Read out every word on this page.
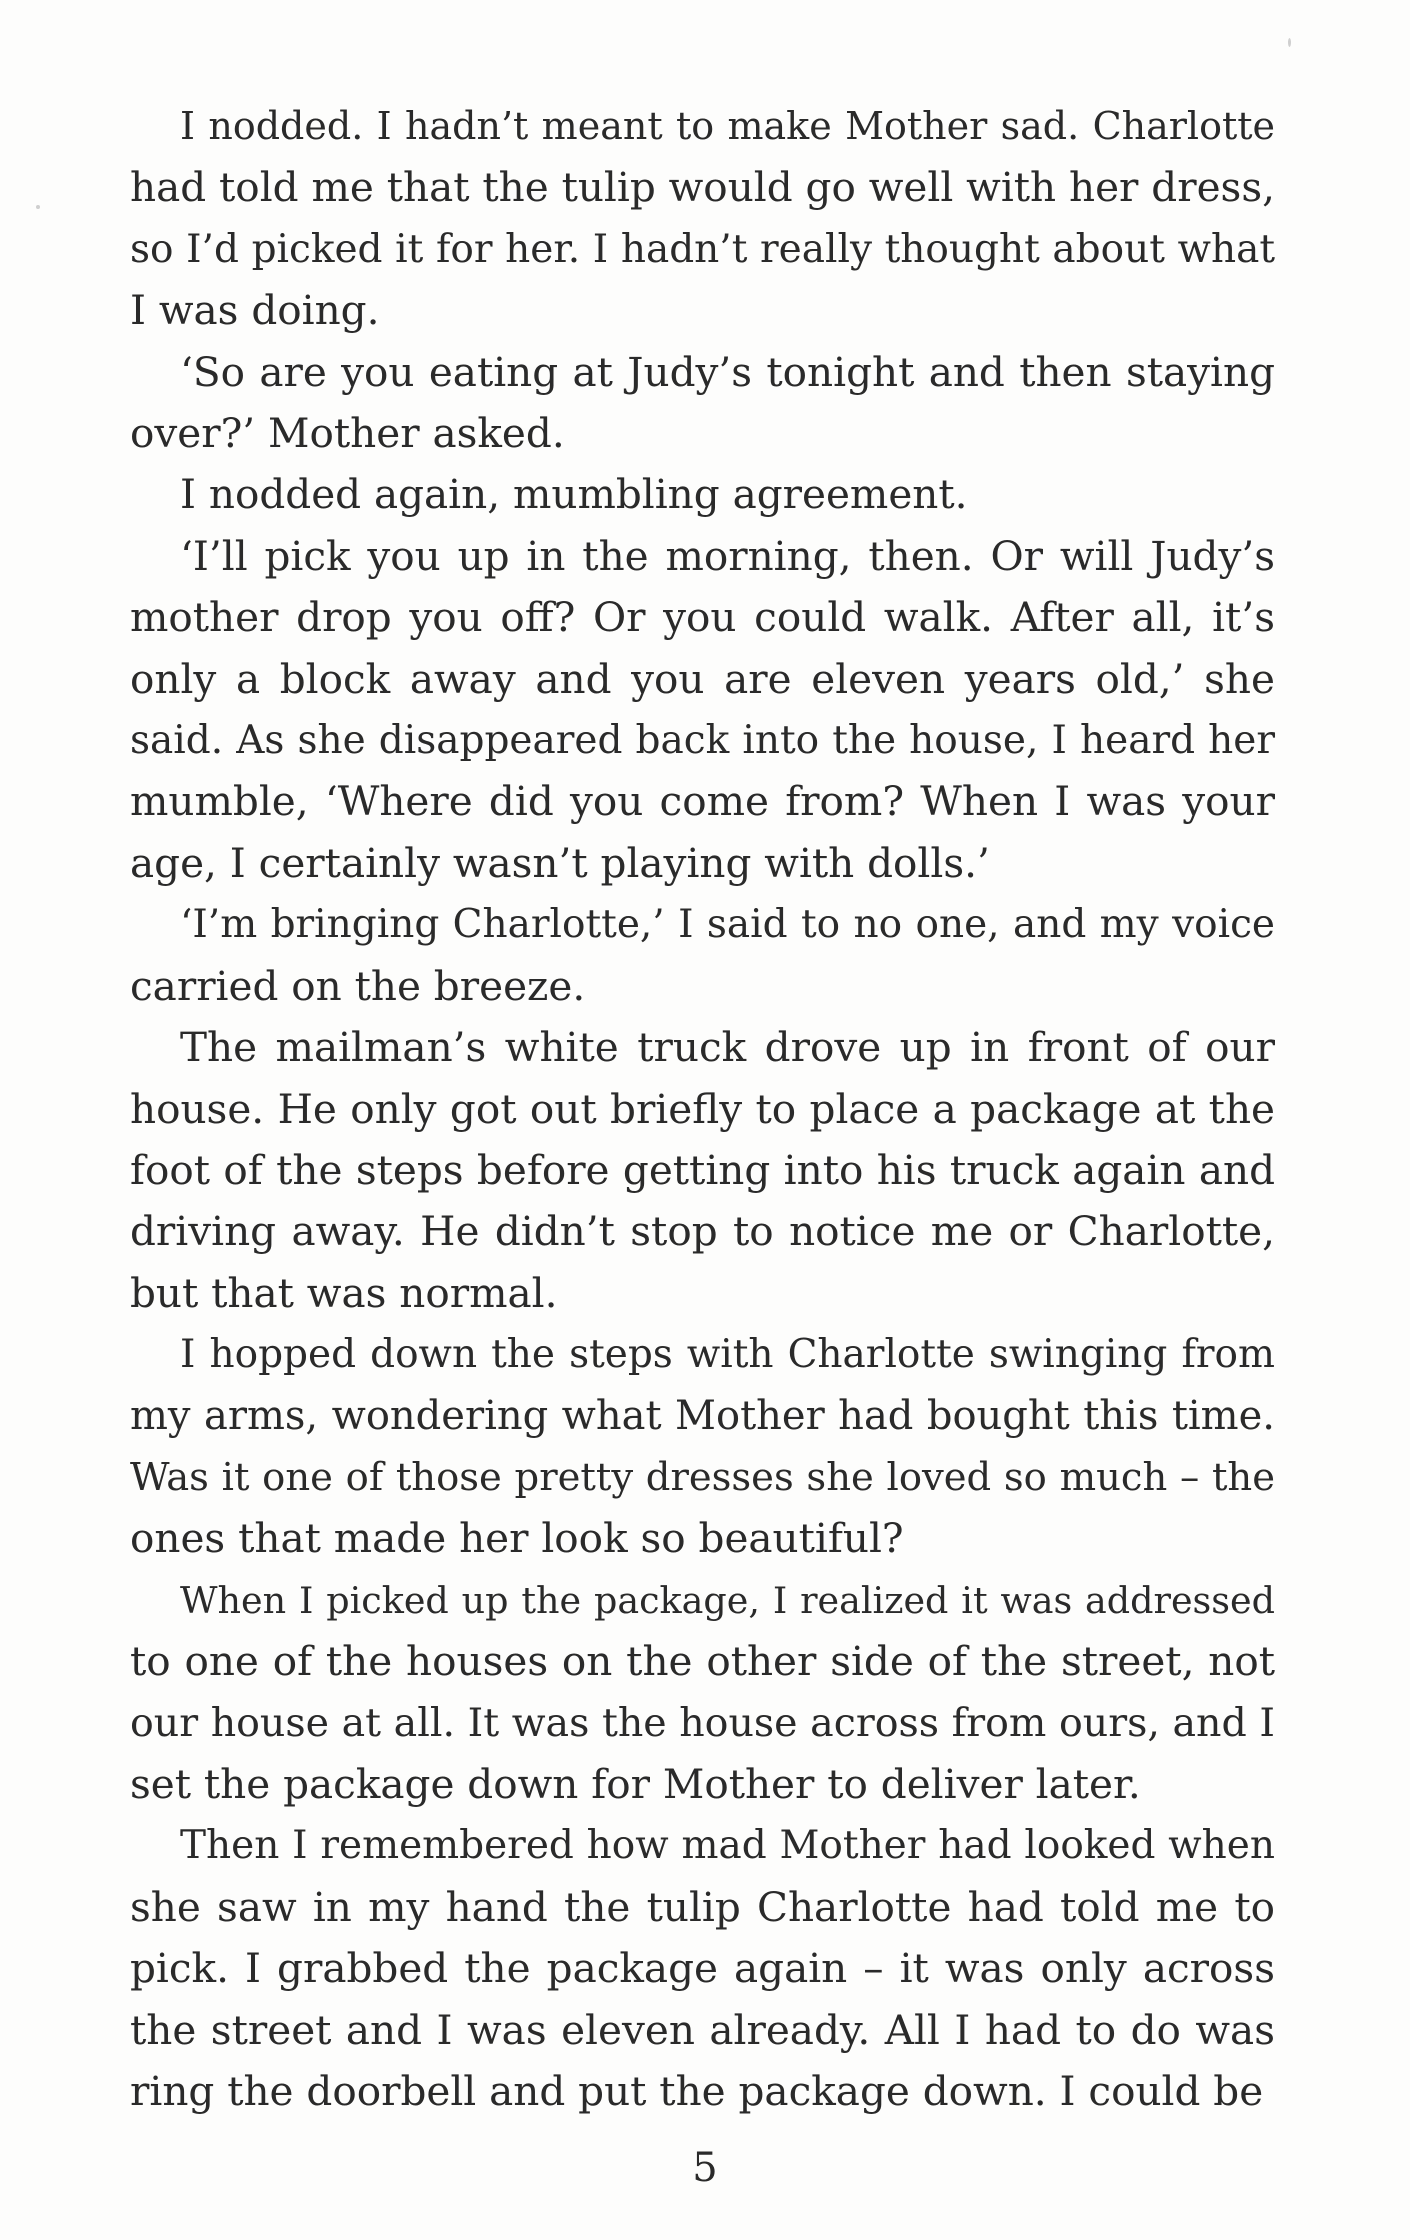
I nodded. I hadn’t meant to make Mother sad. Charlotte
had told me that the tulip would go well with her dress,
so I’d picked it for her. I hadn’t really thought about what
I was doing.
‘So are you eating at Judy’s tonight and then staying
over?’ Mother asked.
I nodded again, mumbling agreement.
‘I’ll pick you up in the morning, then. Or will Judy’s
mother drop you off? Or you could walk. After all, it’s
only a block away and you are eleven years old,’ she
said. As she disappeared back into the house, I heard her
mumble, ‘Where did you come from? When I was your
age, I certainly wasn’t playing with dolls.’
‘I’m bringing Charlotte,’ I said to no one, and my voice
carried on the breeze.
The mailman’s white truck drove up in front of our
house. He only got out briefly to place a package at the
foot of the steps before getting into his truck again and
driving away. He didn’t stop to notice me or Charlotte,
but that was normal.
I hopped down the steps with Charlotte swinging from
my arms, wondering what Mother had bought this time.
Was it one of those pretty dresses she loved so much – the
ones that made her look so beautiful?
When I picked up the package, I realized it was addressed
to one of the houses on the other side of the street, not
our house at all. It was the house across from ours, and I
set the package down for Mother to deliver later.
Then I remembered how mad Mother had looked when
she saw in my hand the tulip Charlotte had told me to
pick. I grabbed the package again – it was only across
the street and I was eleven already. All I had to do was
ring the doorbell and put the package down. I could be
5
